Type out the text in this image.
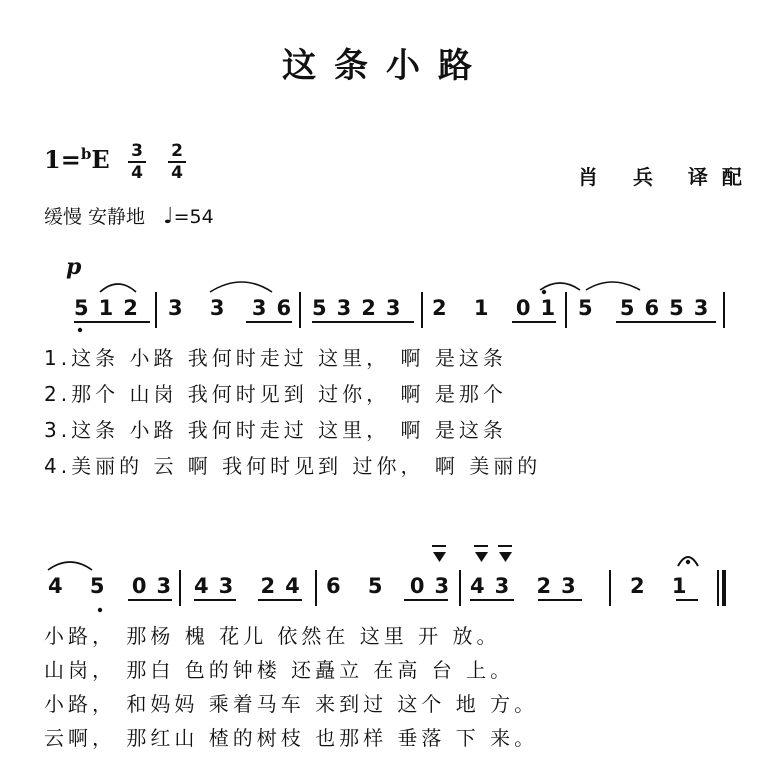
这条小路
1=$^b$E 3
4
2
4	肖 兵 译配
缓慢 安静地 ♩=54
p
512 3 3 36 5323 2 1 01 5 5653
1.这条 小路 我何时走过 这里， 啊 是这条
2.那个 山岗 我何时见到 过你， 啊 是那个
3.这条 小路 我何时走过 这里， 啊 是这条
4.美丽的 云 啊 我何时见到 过你， 啊 美丽的
4 5 03 43 24 6 5 03 43 23 2 1
小路， 那杨 槐 花儿 依然在 这里 开 放。
山岗， 那白 色的钟楼 还矗立 在高 台 上。
小路， 和妈妈 乘着马车 来到过 这个 地 方。
云啊， 那红山 楂的树枝 也那样 垂落 下 来。
